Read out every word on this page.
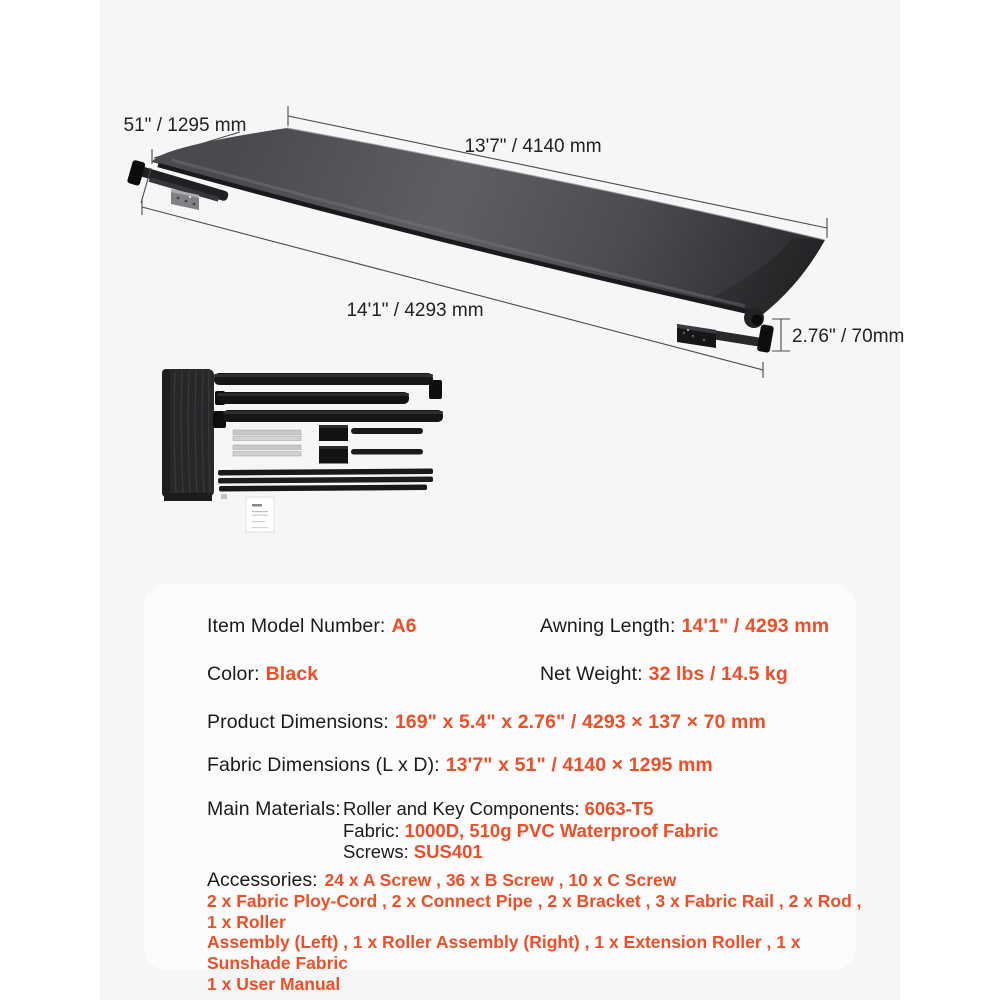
51" / 1295 mm
13'7" / 4140 mm
14'1" / 4293 mm
2.76" / 70mm
Item Model Number: A6	Awning Length: 14'1" / 4293 mm
Color: Black	Net Weight: 32 lbs / 14.5 kg
Product Dimensions: 169" x 5.4" x 2.76" / 4293 × 137 × 70 mm
Fabric Dimensions (L x D): 13'7" x 51" / 4140 × 1295 mm
Main Materials: Roller and Key Components: 6063-T5
Fabric: 1000D, 510g PVC Waterproof Fabric
Screws: SUS401
Accessories: 24 x A Screw , 36 x B Screw , 10 x C Screw
2 x Fabric Ploy-Cord , 2 x Connect Pipe , 2 x Bracket , 3 x Fabric Rail , 2 x Rod , 1 x Roller
Assembly (Left) , 1 x Roller Assembly (Right) , 1 x Extension Roller , 1 x Sunshade Fabric
1 x User Manual
